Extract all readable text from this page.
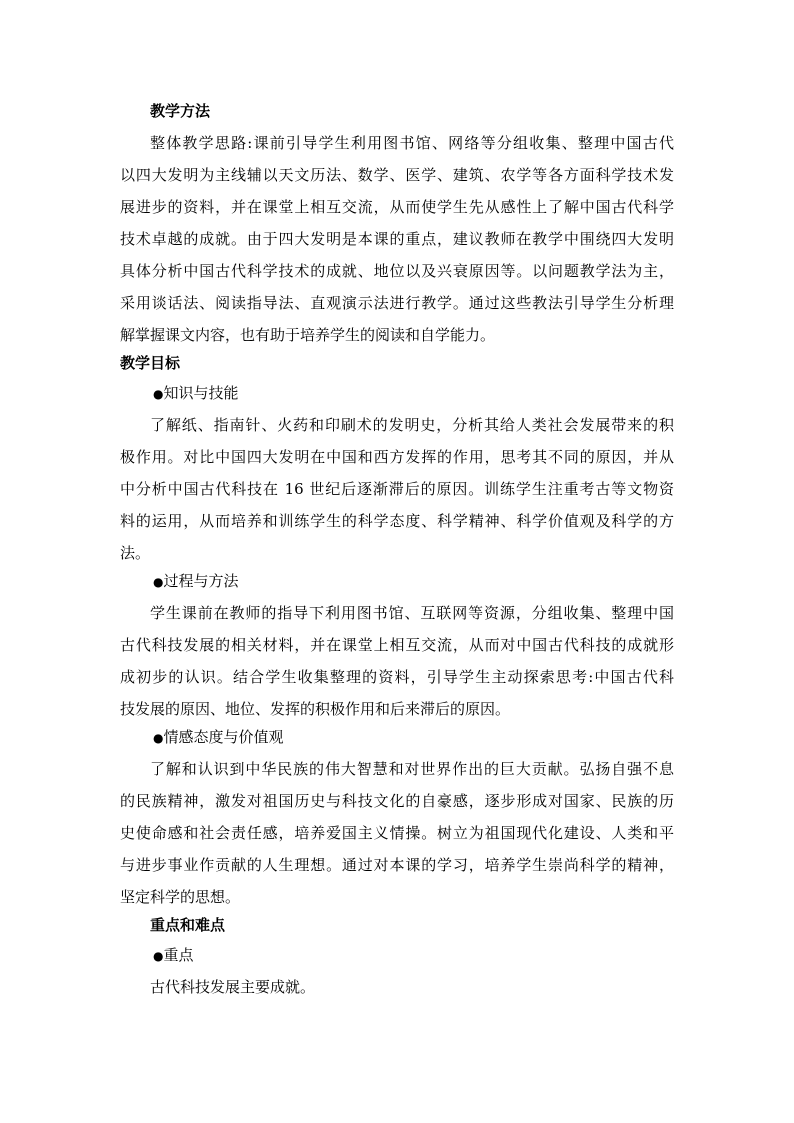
教学方法

整体教学思路:课前引导学生利用图书馆、网络等分组收集、整理中国古代

以四大发明为主线辅以天文历法、数学、医学、建筑、农学等各方面科学技术发

展进步的资料，并在课堂上相互交流，从而使学生先从感性上了解中国古代科学

技术卓越的成就。由于四大发明是本课的重点，建议教师在教学中围绕四大发明

具体分析中国古代科学技术的成就、地位以及兴衰原因等。以问题教学法为主，

采用谈话法、阅读指导法、直观演示法进行教学。通过这些教法引导学生分析理

解掌握课文内容，也有助于培养学生的阅读和自学能力。

教学目标

●知识与技能

了解纸、指南针、火药和印刷术的发明史，分析其给人类社会发展带来的积

极作用。对比中国四大发明在中国和西方发挥的作用，思考其不同的原因，并从

中分析中国古代科技在 16 世纪后逐渐滞后的原因。训练学生注重考古等文物资

料的运用，从而培养和训练学生的科学态度、科学精神、科学价值观及科学的方

法。

●过程与方法

学生课前在教师的指导下利用图书馆、互联网等资源，分组收集、整理中国

古代科技发展的相关材料，并在课堂上相互交流，从而对中国古代科技的成就形

成初步的认识。结合学生收集整理的资料，引导学生主动探索思考:中国古代科

技发展的原因、地位、发挥的积极作用和后来滞后的原因。

●情感态度与价值观

了解和认识到中华民族的伟大智慧和对世界作出的巨大贡献。弘扬自强不息

的民族精神，激发对祖国历史与科技文化的自豪感，逐步形成对国家、民族的历

史使命感和社会责任感，培养爱国主义情操。树立为祖国现代化建设、人类和平

与进步事业作贡献的人生理想。通过对本课的学习，培养学生崇尚科学的精神，

坚定科学的思想。

重点和难点

●重点

古代科技发展主要成就。
